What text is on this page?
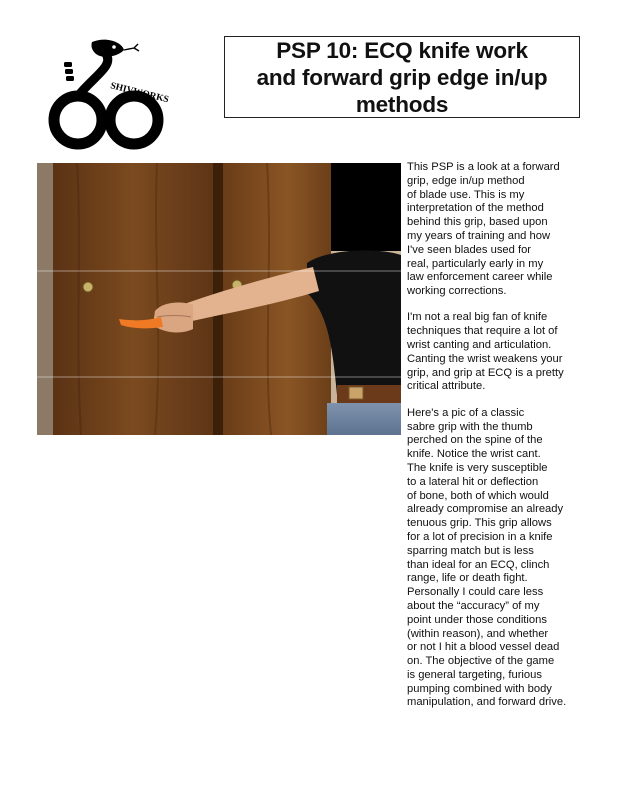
SHIVWORKS
PSP 10: ECQ knife work
and forward grip edge in/up
methods
This PSP is a look at a forward
grip, edge in/up method
of blade use. This is my
interpretation of the method
behind this grip, based upon
my years of training and how
I've seen blades used for
real, particularly early in my
law enforcement career while
working corrections.
I'm not a real big fan of knife
techniques that require a lot of
wrist canting and articulation.
Canting the wrist weakens your
grip, and grip at ECQ is a pretty
critical attribute.
Here's a pic of a classic
sabre grip with the thumb
perched on the spine of the
knife. Notice the wrist cant.
The knife is very susceptible
to a lateral hit or deflection
of bone, both of which would
already compromise an already
tenuous grip. This grip allows
for a lot of precision in a knife
sparring match but is less
than ideal for an ECQ, clinch
range, life or death fight.
Personally I could care less
about the “accuracy” of my
point under those conditions
(within reason), and whether
or not I hit a blood vessel dead
on. The objective of the game
is general targeting, furious
pumping combined with body
manipulation, and forward drive.
